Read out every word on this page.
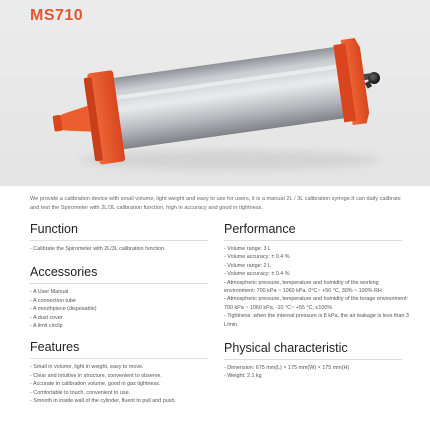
MS710

We provide a calibration device with small volume, light weight and easy to use for users, it is a manual 2L / 3L calibration syringe.It can daily calibrate and test the Spirometer with 2L/3L calibration function, high in accuracy and good in tightness.

Function
- Calibrate the Spirometer with 2L/3L calibration function.
Accessories
- A User Manual
- A connection tube
- A mouthpiece (disposable)
- A dust cover
- A limit circlip
Features
- Small in volume, light in weight, easy to move.
- Clear and intuitive in structure, convenient to observe.
- Accurate in calibration volume, good in gas tightness.
- Comfortable to touch, convenient to use.
- Smooth in inside wall of the cylinder, fluent to pull and push.
Performance
- Volume range: 3 L
- Volume accuracy: ± 0.4 %
- Volume range: 2 L
- Volume accuracy: ± 0.4 %
- Atmospheric pressure, temperature and humidity of the working environment: 700 kPa ~ 1060 kPa, 0°C~ +50 °C, 30% ~ 100% RH
- Atmospheric pressure, temperature and humidity of the torage environment: 700 kPa ~ 1060 kPa, -10 °C~ +55 °C, ≤100%
- Tightness: when the internal pressure is 8 kPa, the air leakage is less than 3 L/min.
Physical characteristic
- Dimension: 675 mm(L) × 175 mm(W) × 175 mm(H)
- Weight: 2.1 kg
